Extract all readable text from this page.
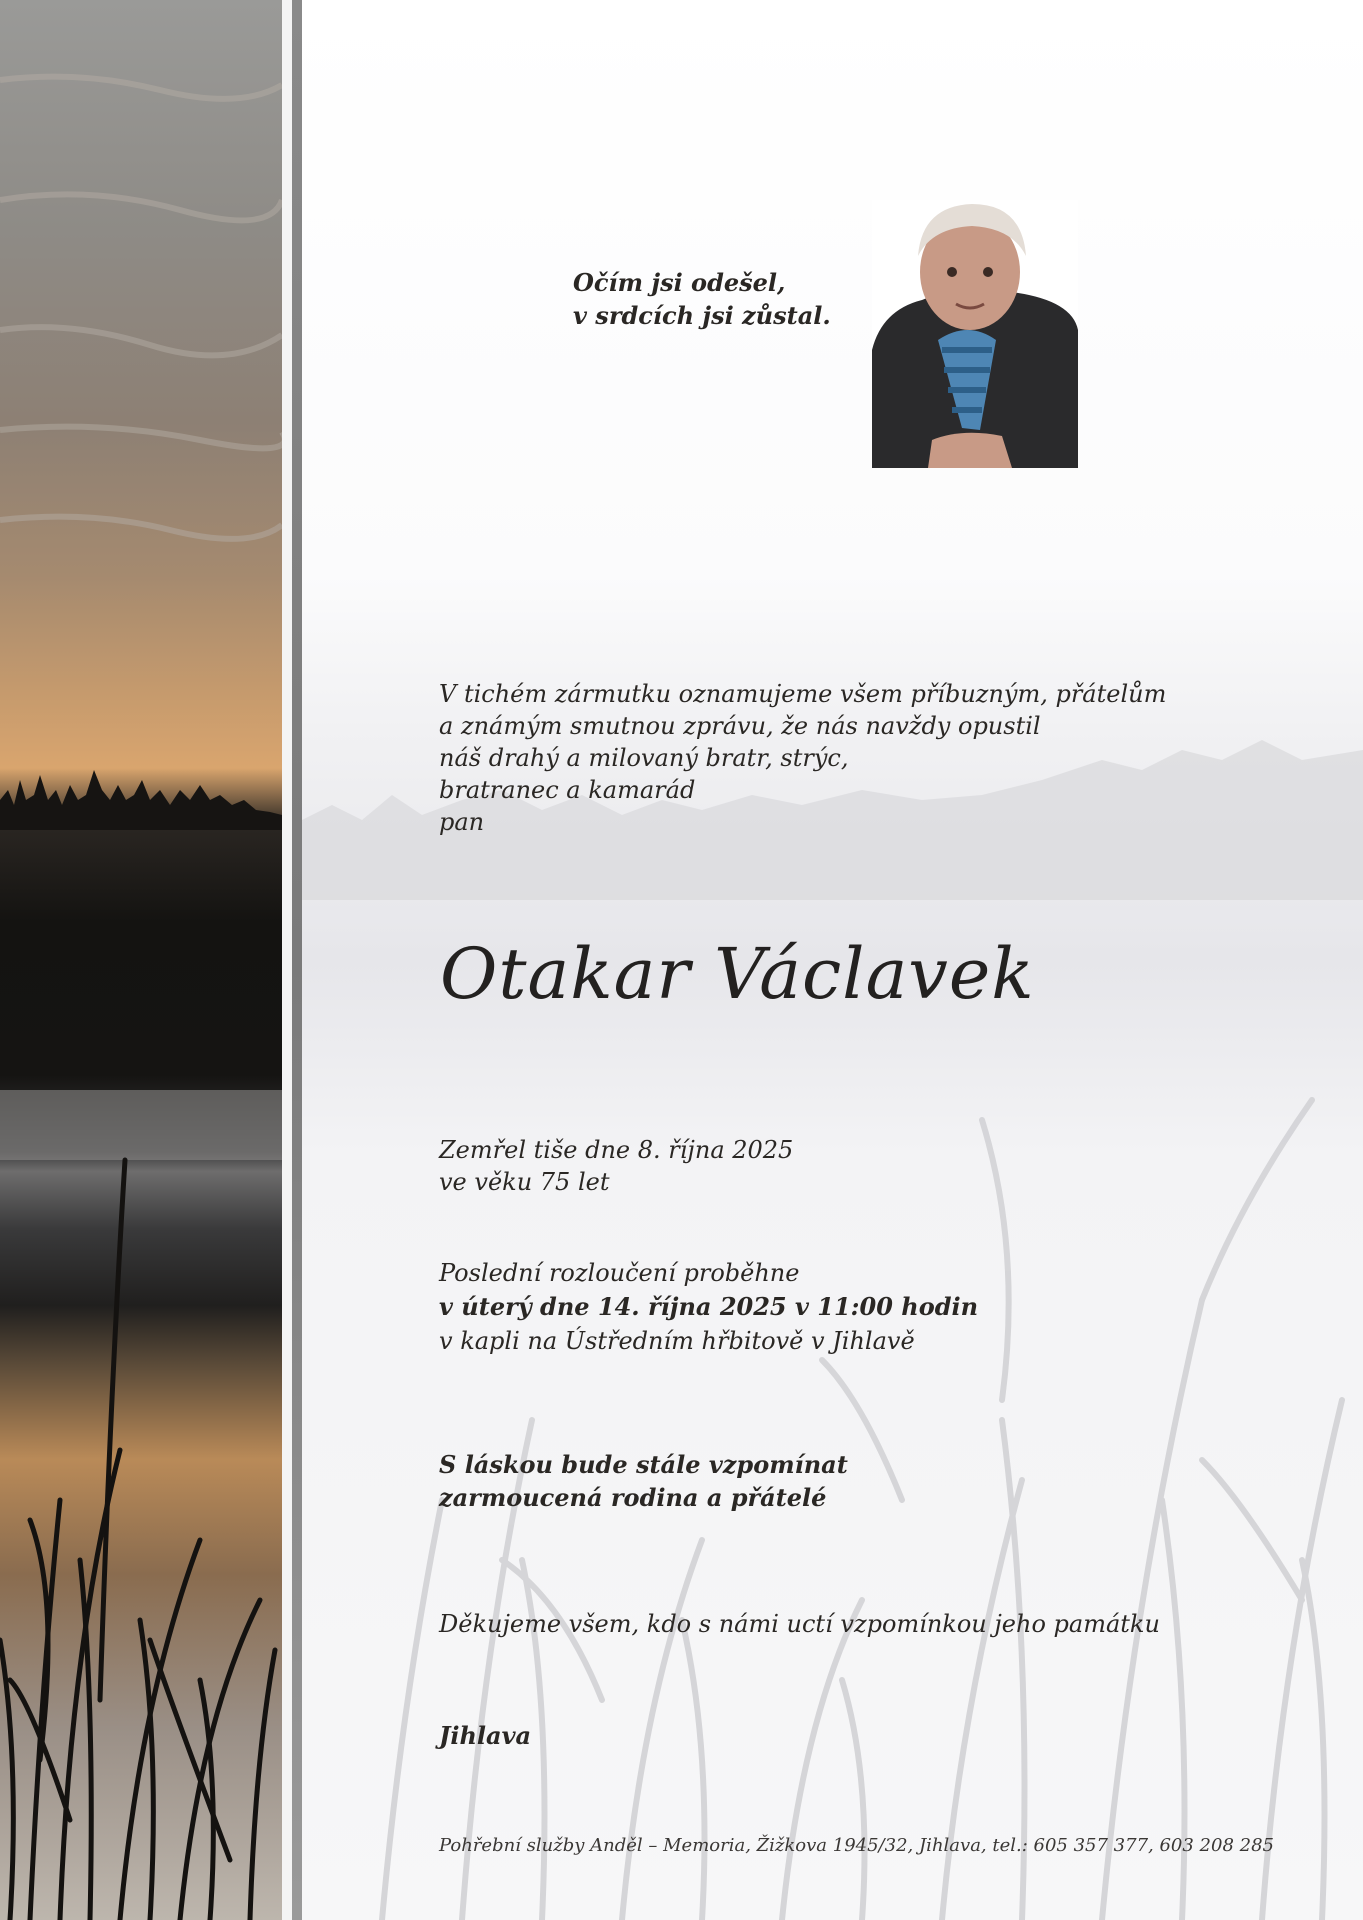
Očím jsi odešel,
v srdcích jsi zůstal.
V tichém zármutku oznamujeme všem příbuzným, přátelům
a známým smutnou zprávu, že nás navždy opustil
náš drahý a milovaný bratr, strýc,
bratranec a kamarád
pan
Otakar Václavek
Zemřel tiše dne 8. října 2025
ve věku 75 let
Poslední rozloučení proběhne
v úterý dne 14. října 2025 v 11:00 hodin
v kapli na Ústředním hřbitově v Jihlavě
S láskou bude stále vzpomínat
zarmoucená rodina a přátelé
Děkujeme všem, kdo s námi uctí vzpomínkou jeho památku
Jihlava
Pohřební služby Anděl – Memoria, Žižkova 1945/32, Jihlava, tel.: 605 357 377, 603 208 285
